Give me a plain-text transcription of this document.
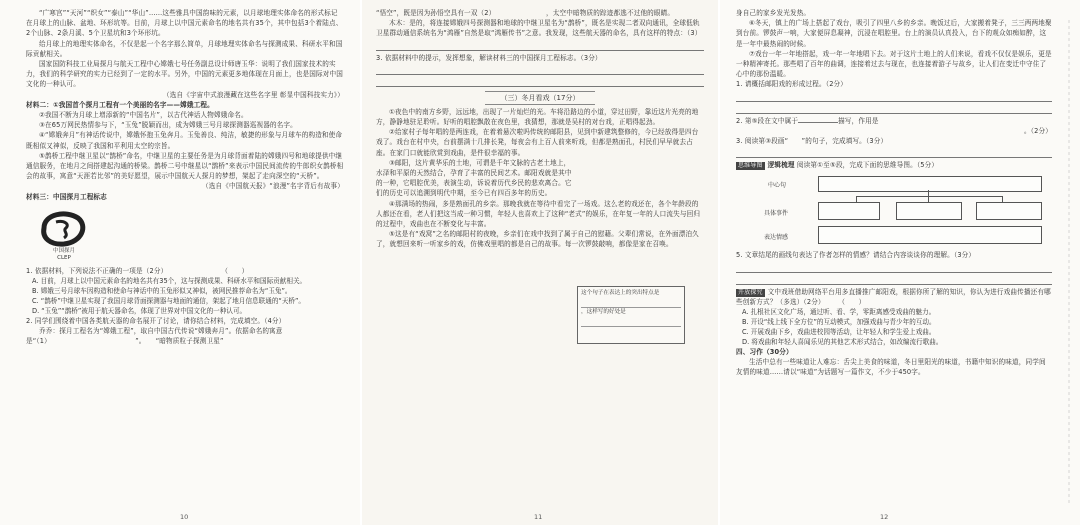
“广寒宫”“天河”“织女”“泰山”“华山”……这些雅具中国韵味的元素，以月球地理实体命名的形式标记在月球上的山脉、盆地、环形坑等。目前，月球上以中国元素命名的地名共有35个，其中包括3个着陆点、2个山脉、2条月溪、5个卫星坑和3个环形坑。

给月球上的地理实体命名，不仅是起一个名字那么简单，月球地理实体命名与探测成果、科研水平和国际贡献相关。

国家国防科技工业局探月与航天工程中心嫦娥七号任务副总设计师唐玉华：说明了我们国家技术的实力，我们的科学研究的实力已经到了一定的水平。另外，中国的元素更多地体现在月面上，也是国际对中国文化的一种认可。

（选自《宇宙中式浪漫藏在这些名字里 彰显中国科技实力》）

材料二：①我国首个探月工程有一个美丽的名字——嫦娥工程。

②我国不断为月球上增添新的“中国名片”，以古代神话人物嫦娥命名。

③在65万网民热情参与下，“玉兔”脱颖而出，成为嫦娥三号月球探测器巡视器的名字。

④“嫦娥奔月”有神话传说中，嫦娥怀抱玉兔奔月。玉兔善良、纯洁，敏捷的形象与月球车的构造和使命既相似又神似，反映了我国和平利用太空的宗旨。

⑤鹊桥工程中继卫星以“鹊桥”命名，中继卫星的主要任务是为月球背面着陆的嫦娥四号和地球提供中继通信服务，在地月之间搭建起沟通的桥梁。鹊桥二号中继星以“鹊桥”来表示中国民间流传的牛郎织女鹊桥相会的故事，寓意“天涯若比邻”的美好愿望，展示中国航天人探月的梦想，架起了走向深空的“天桥”。

（选自《中国航天报》“浪漫”名字背后有故事）

材料三：中国探月工程标志

中国探月
CLEP

1. 依据材料，下列说法不正确的一项是（2分）　　　　　　　　　（　　）

A. 目前，月球上以中国元素命名的地名共有35个，这与探测成果、科研水平和国际贡献相关。

B. 嫦娥三号月球车因构造和使命与神话中的玉兔形似又神似，被网民推荐命名为“玉兔”。

C. “鹊桥”中继卫星实现了我国月球背面探测器与地面的通信，架起了地月信息联通的“天桥”。

D. “玉兔”“鹊桥”被用于航天器命名，体现了世界对中国文化的一种认可。

2. 同学们围绕着中国各类航天器的命名展开了讨论，请你结合材料，完成填空。（4分）

乔乔：探月工程名为“嫦娥工程”，取自中国古代传说“嫦娥奔月”。依据命名的寓意是“（1）　　　　　　　　　　　　　”。　　“暗物质粒子探测卫星”

10

“悟空”，既是因为孙悟空具有一双（2）　　　　　　　　，太空中暗物质的踪迹都逃不过他的眼睛。

木木：是的，将连接嫦娥四号探测器和地球的中继卫星名为“鹊桥”，既名是实现二者双向通讯，全球低轨卫星群动通信系统名为“鸿雁”自然是取“鸿雁传书”之意。我发现，这些航天器的命名，具有这样的特点：（3）

3. 依据材料中的提示，发挥想象，解读材料三的中国探月工程标志。（3分）

（三）冬月看戏（17分）

①夜色中的南方乡野，远远地，出现了一片灿烂的光。车将沿路边的小道，穿过田野，靠近这片光亮的地方，静静地驻足聆听。好听的唱腔飘散在夜色里，我猜想，那就是吴村的对台戏，正唱得起劲。

②给家村子每年唱的是两连戏，在着着悬次啦吗传统的邮阳县，见到中新建筑整修的，今已经放得是四台戏了。戏台在村中央，台前摆满十几排长凳，每夜会有上百人前来听戏，但都是熟面孔，村民们早早就去占座。在家门口就能欣赏到戏曲，是件很幸福的事。

③邮阳，这片黄华乐的土地，可谓是千年文脉的古老土地上，水泽和平原的天然结合，孕育了丰富的民间艺术。邮阳戏就是其中的一种，它唱腔优美，表演生动，诉说着历代乡民的悲欢离合。它们的历史可以追溯到明代中期，至今已有四百多年的历史。

④那满场的热闹，多是熟面孔的乡亲。那晚我就在等待中看完了一场戏。这么老的戏还在，各个年龄段的人都还在看，老人们把这当成一种习惯，年轻人也喜欢上了这种“老式”的娱乐，在年复一年的人口流失与回归的过程中，戏曲也在不断变化与丰富。

⑤这是有“戏窝”之名的邮阳村的夜晚，乡亲们在戏中找到了属于自己的慰藉。父辈们常说，在外面漂泊久了，就想回来听一听家乡的戏，仿佛戏里唱的都是自己的故事。每一次锣鼓敲响，都像是家在召唤。

这个句子在表达上的突出特点是
，这样写的好处是
11

身自己的家乡发光发热。

⑥冬天，镇上的广场上搭起了戏台，吸引了四里八乡的乡亲。晚饭过后，大家搬着凳子，三三两两地聚到台前。锣鼓声一响，大家便屏息凝神，沉浸在唱腔里。台上的演员认真投入，台下的观众如痴如醉，这是一年中最热闹的时候。

⑦戏台一年一年地搭起，戏一年一年地唱下去。对于这片土地上的人们来说，看戏不仅仅是娱乐，更是一种精神寄托。那些唱了百年的曲调，连接着过去与现在，也连接着游子与故乡，让人们在变迁中守住了心中的那份温暖。

1. 请概括邮阳戏的形成过程。（2分）

2. 第⑤段在文中属于	描写，作用是

。（2分）

3. 阅读第③段画“　　”的句子，完成填写。（3分）

思维导图 逻辑梳理 阅读第①至⑤段，完成下面的思维导图。（5分）

中心句
具体事件
表达情感

5. 文章结尾的画线句表达了作者怎样的情感？请结合内容谈谈你的理解。（3分）

开放探究 文中戏班借助网络平台用多直播推广邮阳戏，根据你所了解的知识，你认为进行戏曲传播还有哪些创新方式？（多选）（2分）　　　（　　）

A. 扎根社区文化广场，通过听、看、学，零距离感受戏曲的魅力。

B. 开设“线上线下全方位”的互动模式，加强戏曲与青少年的互动。

C. 开展戏曲下乡，戏曲进校园等活动，让年轻人和学生爱上戏曲。

D. 将戏曲和年轻人喜闻乐见的其他艺术形式结合，如改编流行歌曲。

四、习作（30分）

生活中总有一些味道让人难忘：舌尖上美食的味道，冬日里阳光的味道，书籍中知识的味道，同学间友情的味道……请以“味道”为话题写一篇作文，不少于450字。

12
